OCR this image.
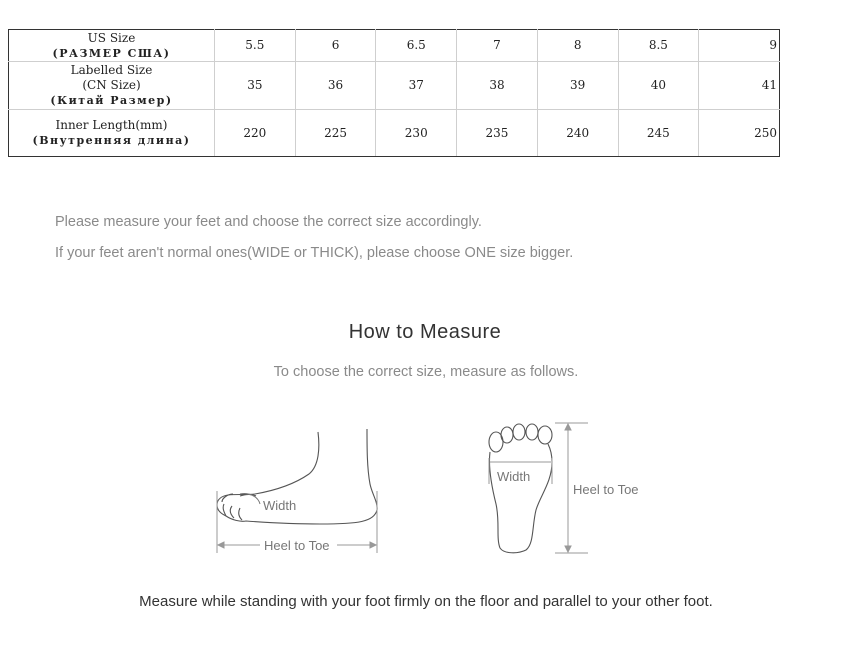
US Size
(РАЗМЕР США)	5.5	6	6.5	7	8	8.5	9

Labelled Size
(CN Size)
(Китай Размер)	35	36	37	38	39	40	41

Inner Length(mm)
(Внутренняя длина)	220	225	230	235	240	245	250
Please measure your feet and choose the correct size accordingly.
If your feet aren't normal ones(WIDE or THICK), please choose ONE size bigger.
How to Measure
To choose the correct size, measure as follows.
Width
Heel to Toe
Width
Heel to Toe
Measure while standing with your foot firmly on the floor and parallel to your other foot.
